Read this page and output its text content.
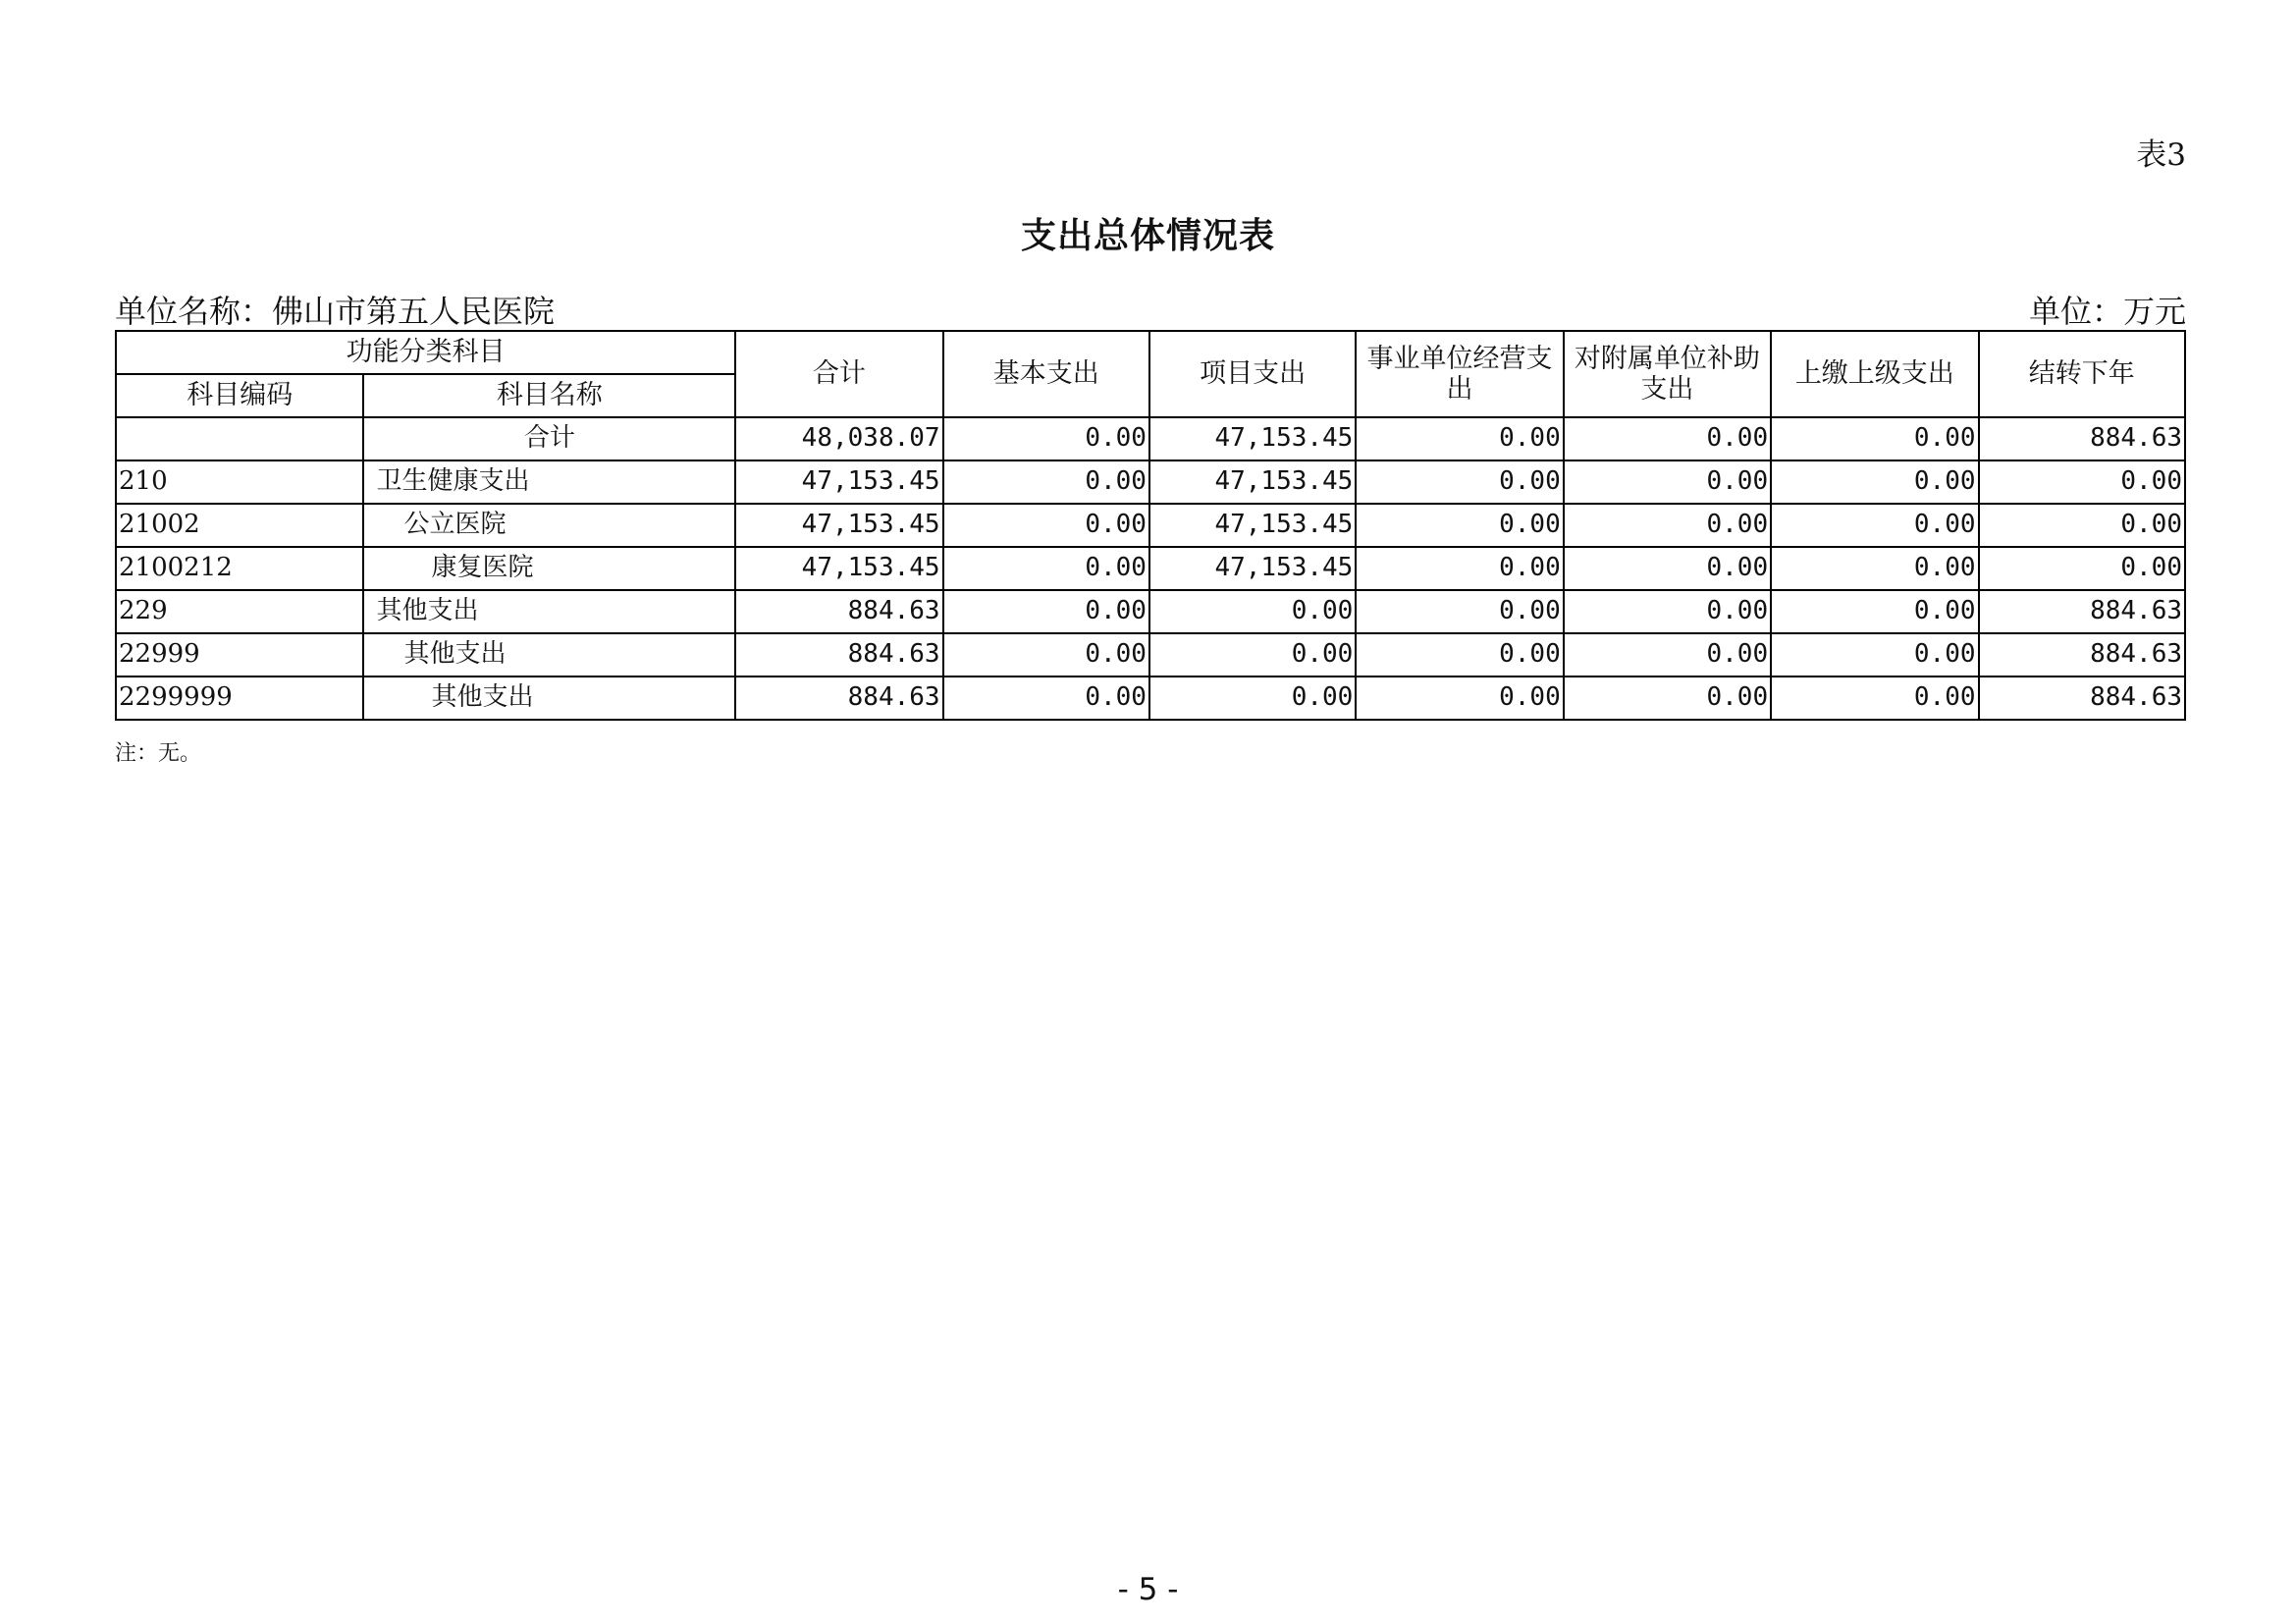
表3
支出总体情况表
单位名称：佛山市第五人民医院	单位：万元
功能分类科目		合计	基本支出	项目支出	事业单位经营支出	对附属单位补助支出	上缴上级支出	结转下年
科目编码	科目名称							
	合计	48,038.07	0.00	47,153.45	0.00	0.00	0.00	884.63
210	卫生健康支出	47,153.45	0.00	47,153.45	0.00	0.00	0.00	0.00
21002	公立医院	47,153.45	0.00	47,153.45	0.00	0.00	0.00	0.00
2100212	康复医院	47,153.45	0.00	47,153.45	0.00	0.00	0.00	0.00
229	其他支出	884.63	0.00	0.00	0.00	0.00	0.00	884.63
22999	其他支出	884.63	0.00	0.00	0.00	0.00	0.00	884.63
2299999	其他支出	884.63	0.00	0.00	0.00	0.00	0.00	884.63
注：无。
- 5 -
